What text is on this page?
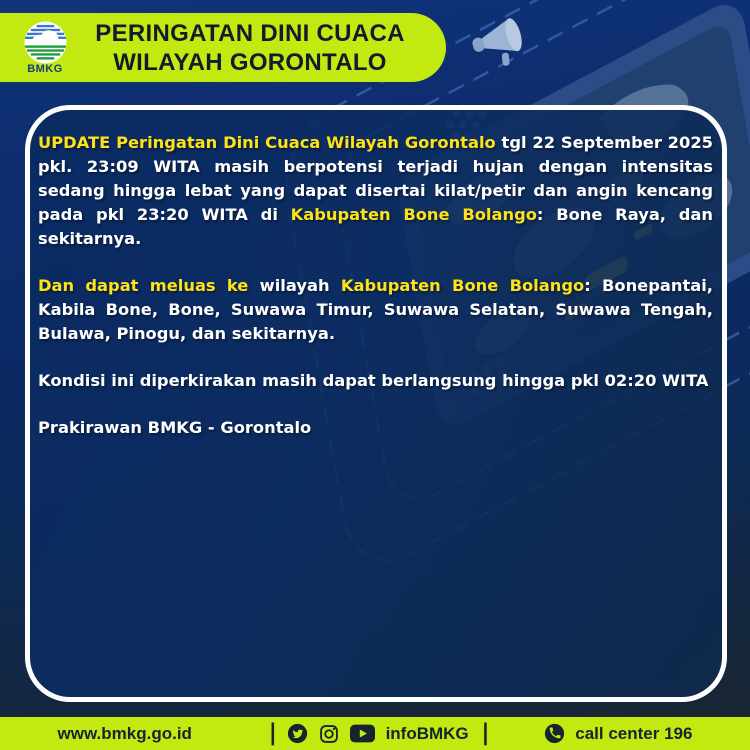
BMKG
PERINGATAN DINI CUACA
WILAYAH GORONTALO

UPDATE Peringatan Dini Cuaca Wilayah Gorontalo tgl 22 September 2025 pkl. 23:09 WITA masih berpotensi terjadi hujan dengan intensitas sedang hingga lebat yang dapat disertai kilat/petir dan angin kencang pada pkl 23:20 WITA di Kabupaten Bone Bolango: Bone Raya, dan sekitarnya.

Dan dapat meluas ke wilayah Kabupaten Bone Bolango: Bonepantai, Kabila Bone, Bone, Suwawa Timur, Suwawa Selatan, Suwawa Tengah, Bulawa, Pinogu, dan sekitarnya.

Kondisi ini diperkirakan masih dapat berlangsung hingga pkl 02:20 WITA

Prakirawan BMKG - Gorontalo

www.bmkg.go.id	|	infoBMKG |	call center 196
